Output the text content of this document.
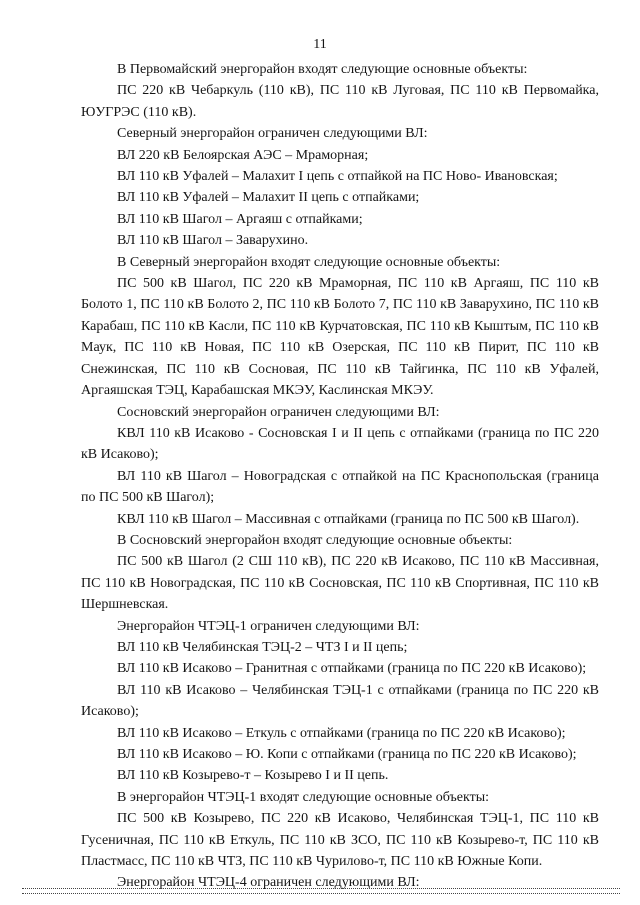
11

В Первомайский энергорайон входят следующие основные объекты:

ПС 220 кВ Чебаркуль (110 кВ), ПС 110 кВ Луговая, ПС 110 кВ Первомайка, ЮУГРЭС (110 кВ).

Северный энергорайон ограничен следующими ВЛ:

ВЛ 220 кВ Белоярская АЭС – Мраморная;

ВЛ 110 кВ Уфалей – Малахит I цепь с отпайкой на ПС Ново- Ивановская;

ВЛ 110 кВ Уфалей – Малахит II цепь с отпайками;

ВЛ 110 кВ Шагол – Аргаяш с отпайками;

ВЛ 110 кВ Шагол – Заварухино.

В Северный энергорайон входят следующие основные объекты:

ПС 500 кВ Шагол, ПС 220 кВ Мраморная, ПС 110 кВ Аргаяш, ПС 110 кВ Болото 1, ПС 110 кВ Болото 2, ПС 110 кВ Болото 7, ПС 110 кВ Заварухино, ПС 110 кВ Карабаш, ПС 110 кВ Касли, ПС 110 кВ Курчатовская, ПС 110 кВ Кыштым, ПС 110 кВ Маук, ПС 110 кВ Новая, ПС 110 кВ Озерская, ПС 110 кВ Пирит, ПС 110 кВ Снежинская, ПС 110 кВ Сосновая, ПС 110 кВ Тайгинка, ПС 110 кВ Уфалей, Аргаяшская ТЭЦ, Карабашская МКЭУ, Каслинская МКЭУ.

Сосновский энергорайон ограничен следующими ВЛ:

КВЛ 110 кВ Исаково - Сосновская I и II цепь с отпайками (граница по ПС 220 кВ Исаково);

ВЛ 110 кВ Шагол – Новоградская с отпайкой на ПС Краснопольская (граница по ПС 500 кВ Шагол);

КВЛ 110 кВ Шагол – Массивная с отпайками (граница по ПС 500 кВ Шагол).

В Сосновский энергорайон входят следующие основные объекты:

ПС 500 кВ Шагол (2 СШ 110 кВ), ПС 220 кВ Исаково, ПС 110 кВ Массивная, ПС 110 кВ Новоградская, ПС 110 кВ Сосновская, ПС 110 кВ Спортивная, ПС 110 кВ Шершневская.

Энергорайон ЧТЭЦ-1 ограничен следующими ВЛ:

ВЛ 110 кВ Челябинская ТЭЦ-2 – ЧТЗ I и II цепь;

ВЛ 110 кВ Исаково – Гранитная с отпайками (граница по ПС 220 кВ Исаково);

ВЛ 110 кВ Исаково – Челябинская ТЭЦ-1 с отпайками (граница по ПС 220 кВ Исаково);

ВЛ 110 кВ Исаково – Еткуль с отпайками (граница по ПС 220 кВ Исаково);

ВЛ 110 кВ Исаково – Ю. Копи с отпайками (граница по ПС 220 кВ Исаково);

ВЛ 110 кВ Козырево-т – Козырево I и II цепь.

В энергорайон ЧТЭЦ-1 входят следующие основные объекты:

ПС 500 кВ Козырево, ПС 220 кВ Исаково, Челябинская ТЭЦ-1, ПС 110 кВ Гусеничная, ПС 110 кВ Еткуль, ПС 110 кВ ЗСО, ПС 110 кВ Козырево-т, ПС 110 кВ Пластмасс, ПС 110 кВ ЧТЗ, ПС 110 кВ Чурилово-т, ПС 110 кВ Южные Копи.

Энергорайон ЧТЭЦ-4 ограничен следующими ВЛ:
